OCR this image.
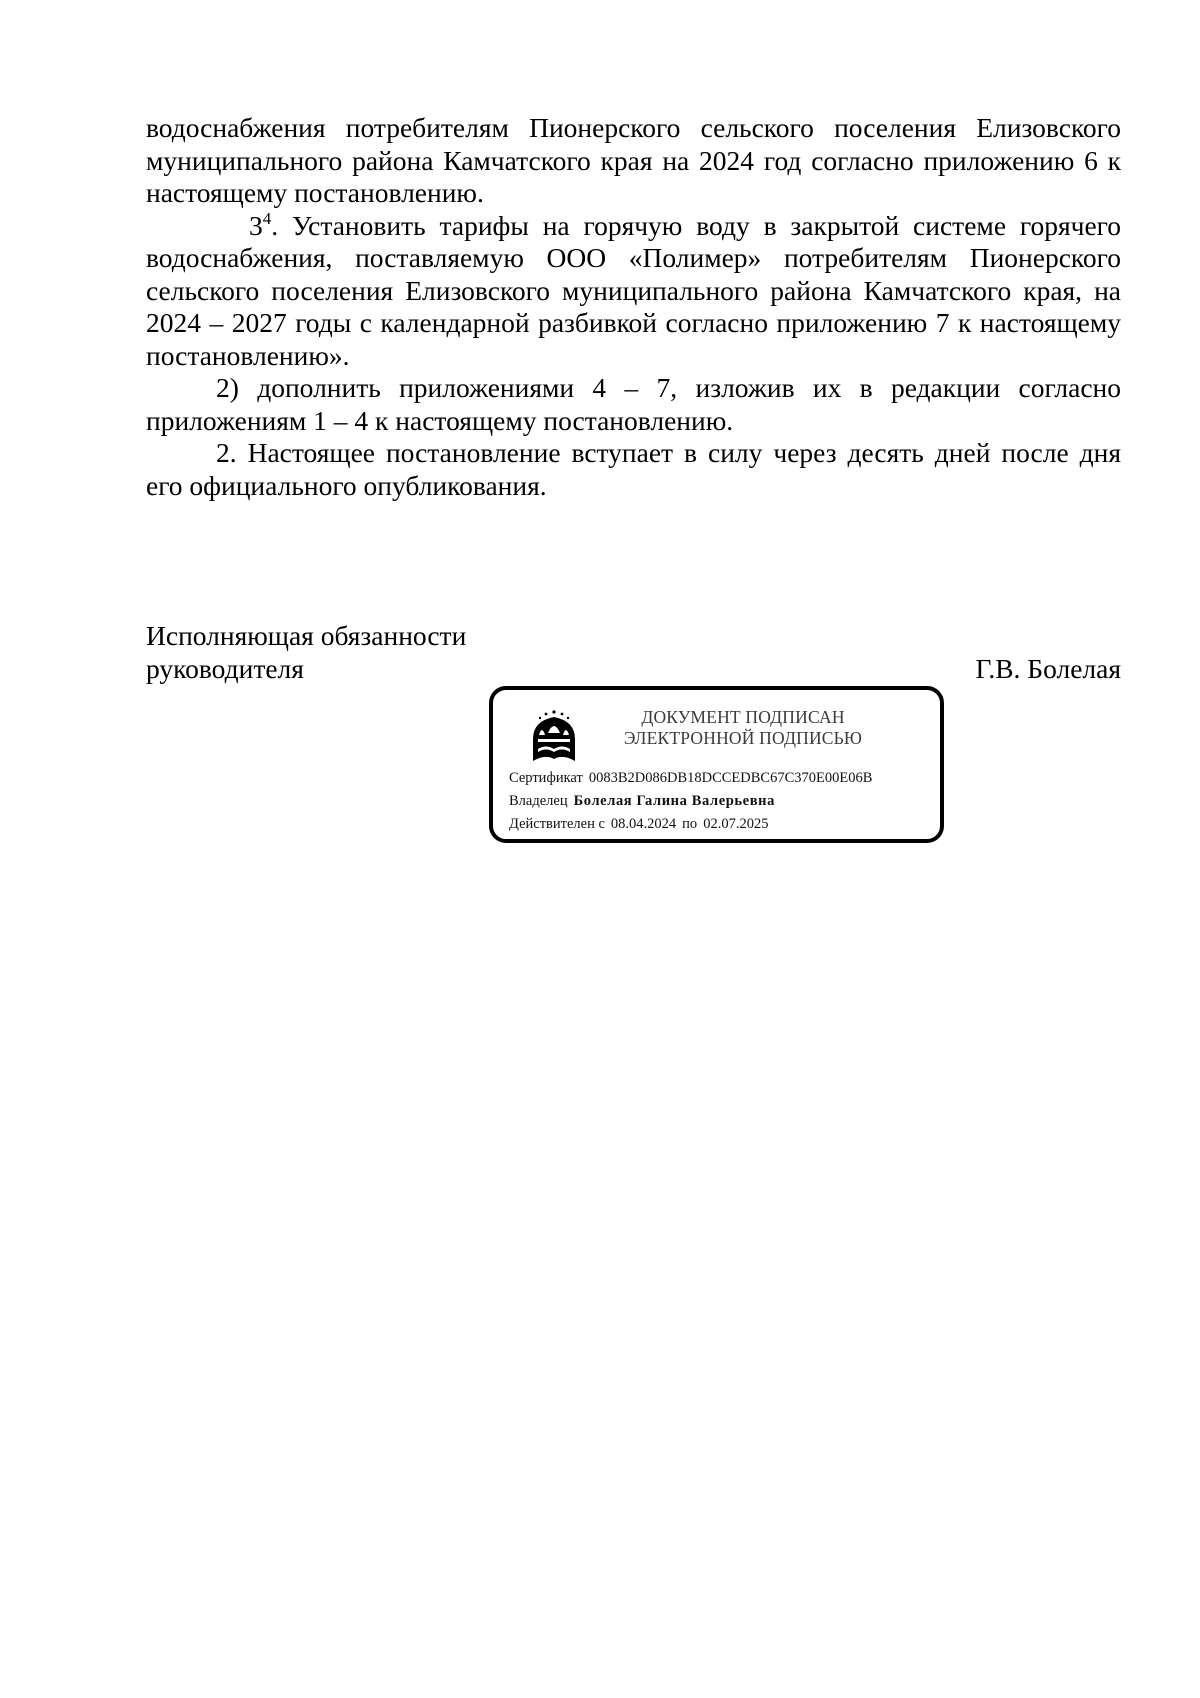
водоснабжения потребителям Пионерского сельского поселения Елизовского муниципального района Камчатского края на 2024 год согласно приложению 6 к настоящему постановлению.

$3^4$. Установить тарифы на горячую воду в закрытой системе горячего водоснабжения, поставляемую ООО «Полимер» потребителям Пионерского сельского поселения Елизовского муниципального района Камчатского края, на 2024 – 2027 годы с календарной разбивкой согласно приложению 7 к настоящему постановлению».

2) дополнить приложениями 4 – 7, изложив их в редакции согласно приложениям 1 – 4 к настоящему постановлению.

2. Настоящее постановление вступает в силу через десять дней после дня его официального опубликования.

Исполняющая обязанности
руководителя	Г.В. Болелая
ДОКУМЕНТ ПОДПИСАН
ЭЛЕКТРОННОЙ ПОДПИСЬЮ
Сертификат 0083B2D086DB18DCCEDBC67C370E00E06B
Владелец Болелая Галина Валерьевна
Действителен с 08.04.2024 по 02.07.2025
